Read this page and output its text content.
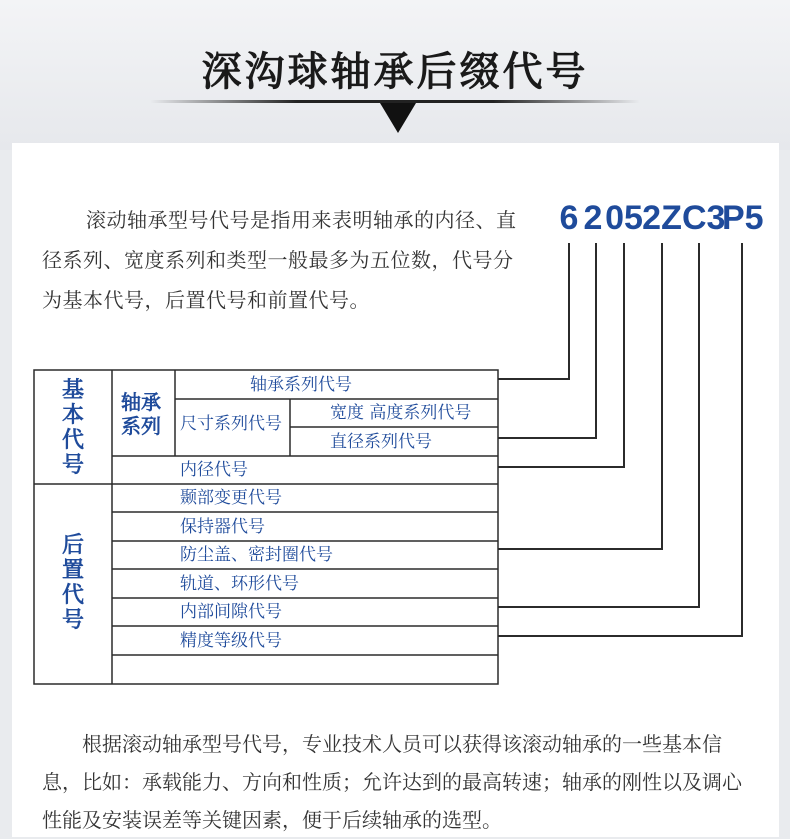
深沟球轴承后缀代号
滚动轴承型号代号是指用来表明轴承的内径、直径系列、宽度系列和类型一般最多为五位数，代号分为基本代号，后置代号和前置代号。
6 2 05 2Z C3
P5
基本代号
后置代号
轴承系列
轴承系列代号
尺寸系列代号
宽度 高度系列代号
直径系列代号
内径代号
颞部变更代号
保持器代号
防尘盖、密封圈代号
轨道、环形代号
内部间隙代号
精度等级代号
根据滚动轴承型号代号，专业技术人员可以获得该滚动轴承的一些基本信息，比如：承载能力、方向和性质；允许达到的最高转速；轴承的刚性以及调心性能及安装误差等关键因素，便于后续轴承的选型。
